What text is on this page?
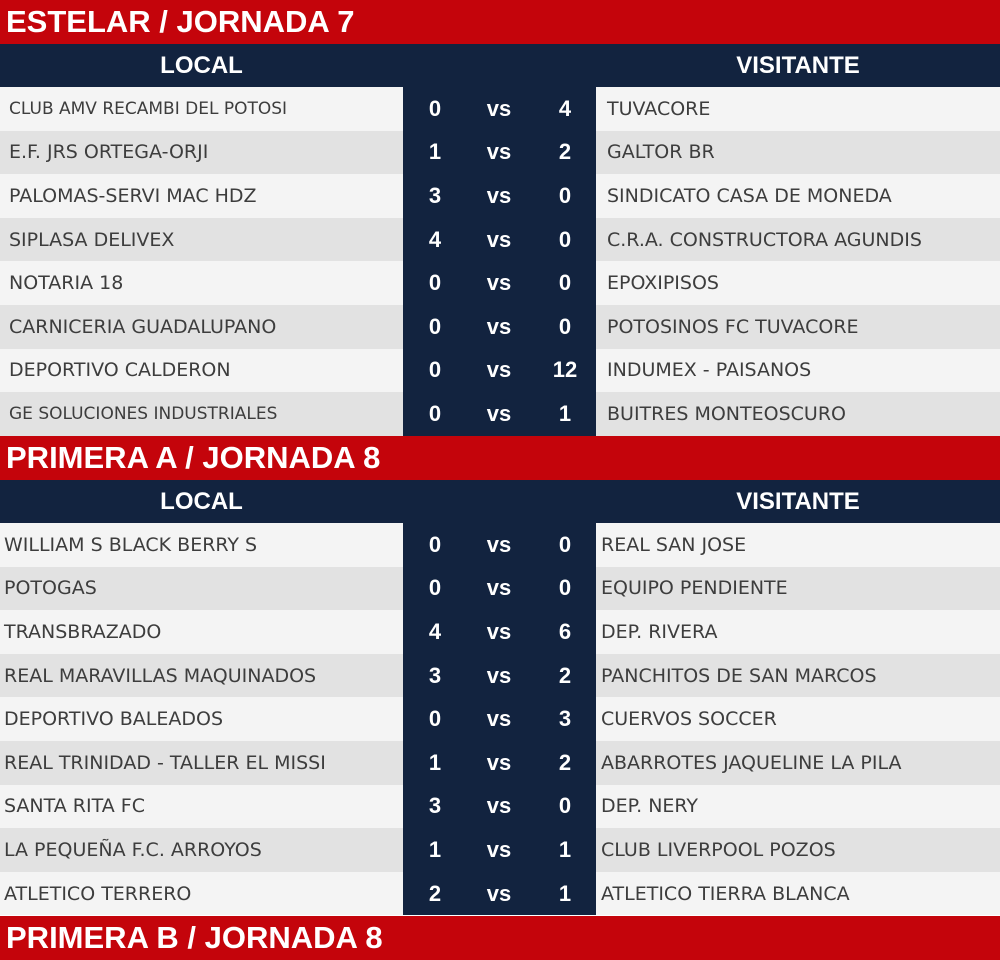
ESTELAR / JORNADA 7
LOCAL	VISITANTE
CLUB AMV RECAMBI DEL POTOSI	0	vs	4	TUVACORE
E.F. JRS ORTEGA-ORJI	1	vs	2	GALTOR BR
PALOMAS-SERVI MAC HDZ	3	vs	0	SINDICATO CASA DE MONEDA
SIPLASA DELIVEX	4	vs	0	C.R.A. CONSTRUCTORA AGUNDIS
NOTARIA 18	0	vs	0	EPOXIPISOS
CARNICERIA GUADALUPANO	0	vs	0	POTOSINOS FC TUVACORE
DEPORTIVO CALDERON	0	vs	12	INDUMEX - PAISANOS
GE SOLUCIONES INDUSTRIALES	0	vs	1	BUITRES MONTEOSCURO
PRIMERA A / JORNADA 8
LOCAL	VISITANTE
WILLIAM S BLACK BERRY S	0	vs	0	REAL SAN JOSE
POTOGAS	0	vs	0	EQUIPO PENDIENTE
TRANSBRAZADO	4	vs	6	DEP. RIVERA
REAL MARAVILLAS MAQUINADOS	3	vs	2	PANCHITOS DE SAN MARCOS
DEPORTIVO BALEADOS	0	vs	3	CUERVOS SOCCER
REAL TRINIDAD - TALLER EL MISSI	1	vs	2	ABARROTES JAQUELINE LA PILA
SANTA RITA FC	3	vs	0	DEP. NERY
LA PEQUEÑA F.C. ARROYOS	1	vs	1	CLUB LIVERPOOL POZOS
ATLETICO TERRERO	2	vs	1	ATLETICO TIERRA BLANCA
PRIMERA B / JORNADA 8
